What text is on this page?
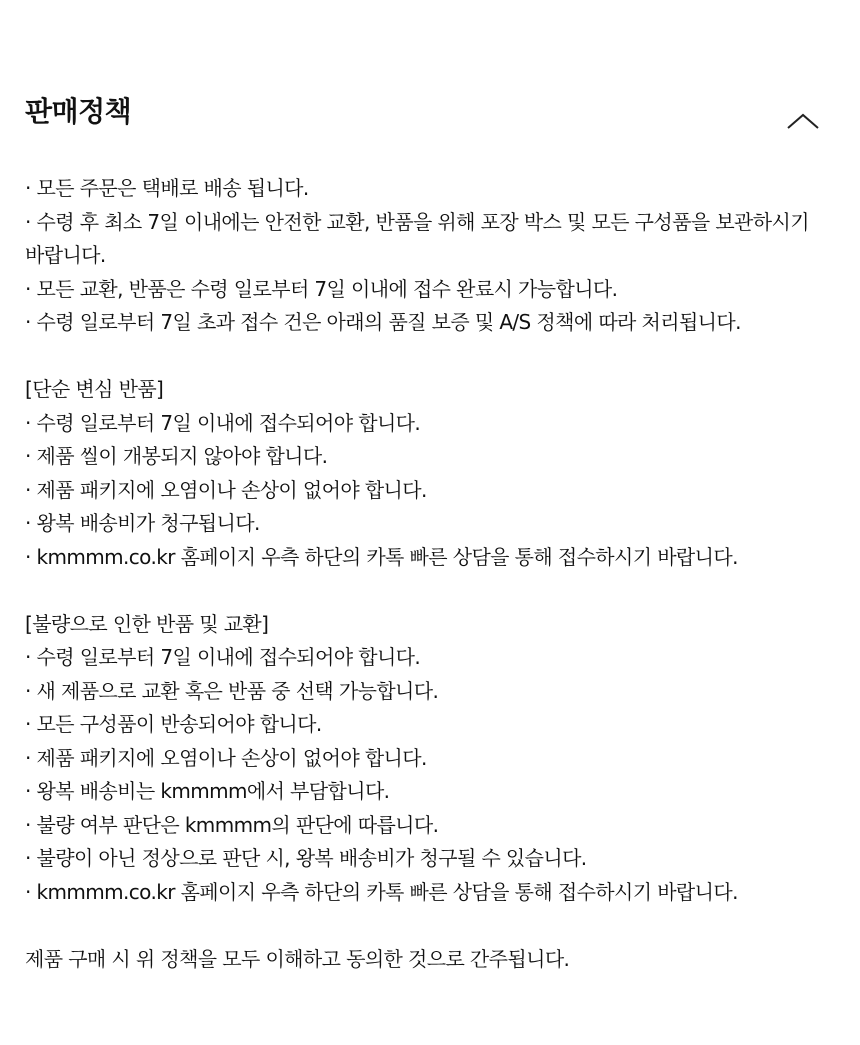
판매정책
· 모든 주문은 택배로 배송 됩니다.
· 수령 후 최소 7일 이내에는 안전한 교환, 반품을 위해 포장 박스 및 모든 구성품을 보관하시기 바랍니다.
· 모든 교환, 반품은 수령 일로부터 7일 이내에 접수 완료시 가능합니다.
· 수령 일로부터 7일 초과 접수 건은 아래의 품질 보증 및 A/S 정책에 따라 처리됩니다.
[단순 변심 반품]
· 수령 일로부터 7일 이내에 접수되어야 합니다.
· 제품 씰이 개봉되지 않아야 합니다.
· 제품 패키지에 오염이나 손상이 없어야 합니다.
· 왕복 배송비가 청구됩니다.
· kmmmm.co.kr 홈페이지 우측 하단의 카톡 빠른 상담을 통해 접수하시기 바랍니다.
[불량으로 인한 반품 및 교환]
· 수령 일로부터 7일 이내에 접수되어야 합니다.
· 새 제품으로 교환 혹은 반품 중 선택 가능합니다.
· 모든 구성품이 반송되어야 합니다.
· 제품 패키지에 오염이나 손상이 없어야 합니다.
· 왕복 배송비는 kmmmm에서 부담합니다.
· 불량 여부 판단은 kmmmm의 판단에 따릅니다.
· 불량이 아닌 정상으로 판단 시, 왕복 배송비가 청구될 수 있습니다.
· kmmmm.co.kr 홈페이지 우측 하단의 카톡 빠른 상담을 통해 접수하시기 바랍니다.
제품 구매 시 위 정책을 모두 이해하고 동의한 것으로 간주됩니다.
